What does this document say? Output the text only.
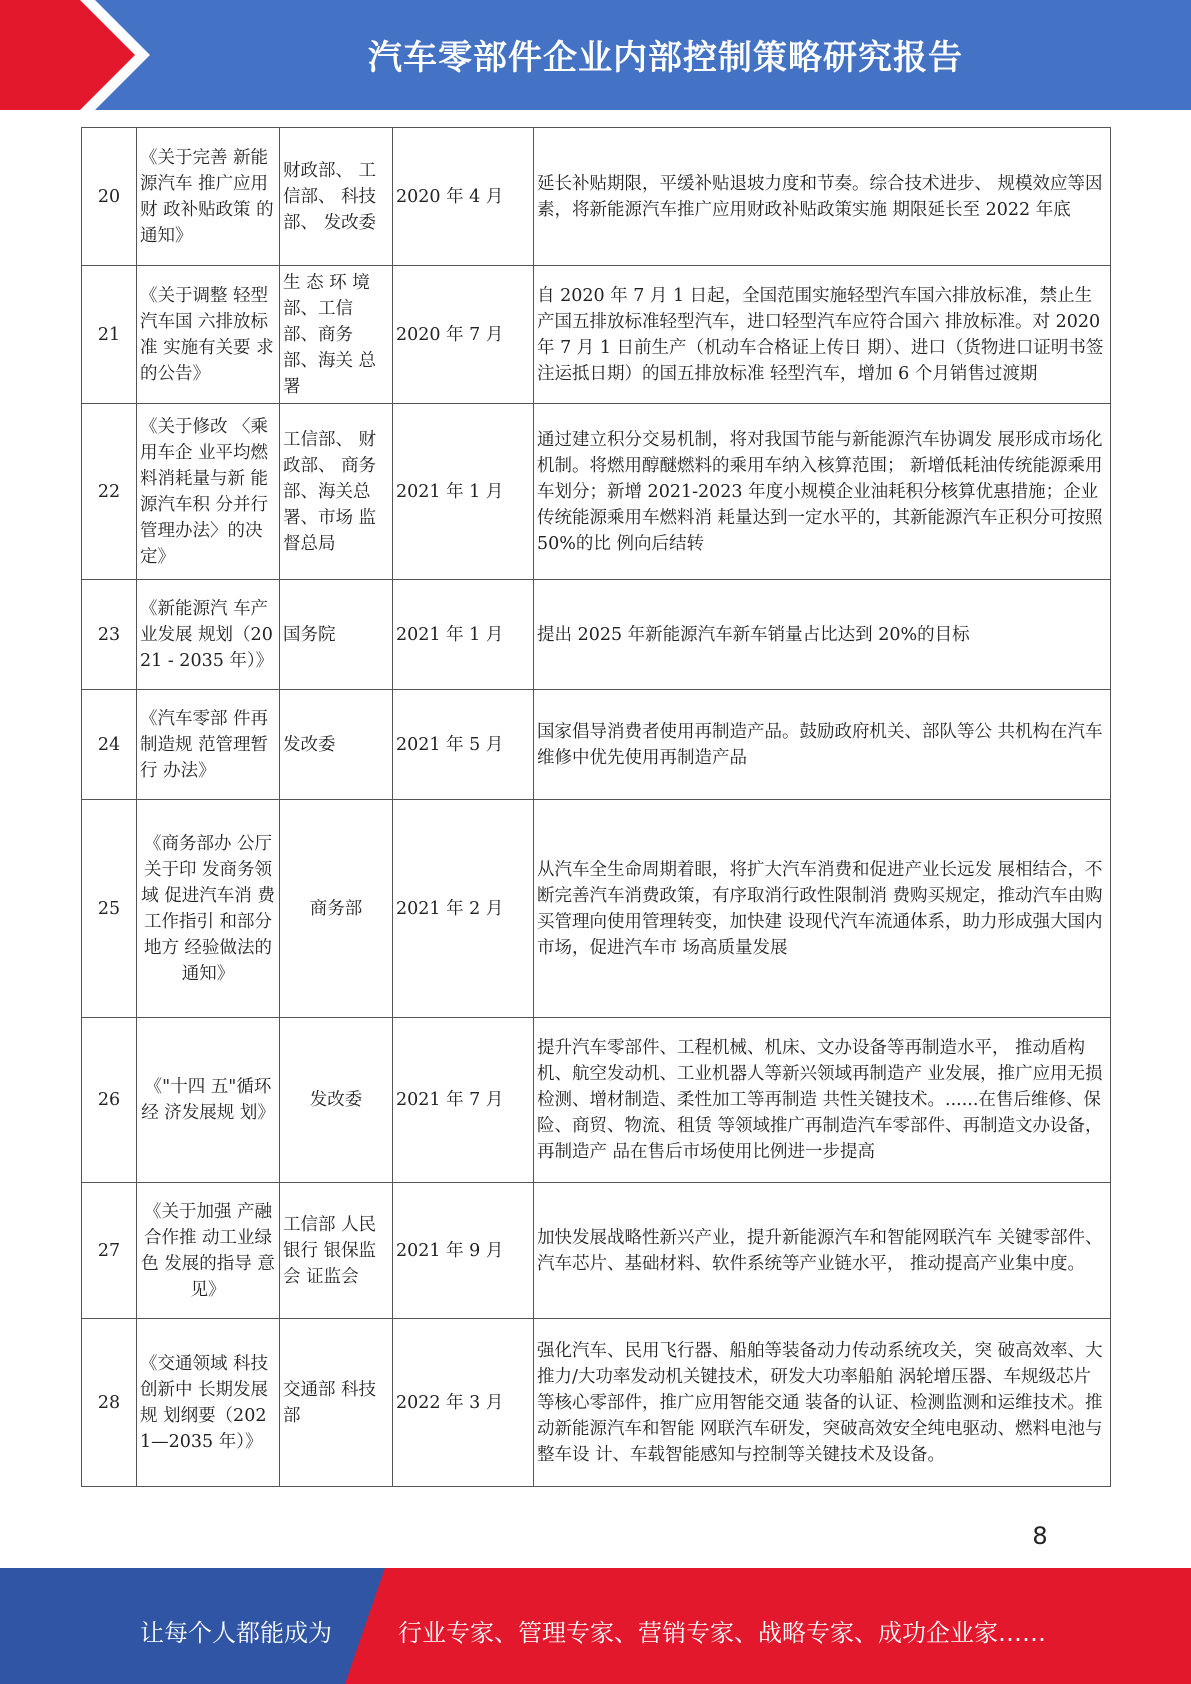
汽车零部件企业内部控制策略研究报告
20	《关于完善 新能源汽车 推广应用财 政补贴政策 的通知》	财政部、 工信部、 科技部、 发改委	2020 年 4 月	延长补贴期限，平缓补贴退坡力度和节奏。综合技术进步、 规模效应等因素，将新能源汽车推广应用财政补贴政策实施 期限延长至 2022 年底
21	《关于调整 轻型汽车国 六排放标准 实施有关要 求的公告》	生 态 环 境部、工信 部、商务 部、海关 总署	2020 年 7 月	自 2020 年 7 月 1 日起，全国范围实施轻型汽车国六排放标准，禁止生产国五排放标准轻型汽车，进口轻型汽车应符合国六 排放标准。对 2020 年 7 月 1 日前生产（机动车合格证上传日 期）、进口（货物进口证明书签注运抵日期）的国五排放标准 轻型汽车，增加 6 个月销售过渡期
22	《关于修改 〈乘用车企 业平均燃料消耗量与新 能源汽车积 分并行管理办法〉的决 定》	工信部、 财政部、 商务部、海关总署、市场 监督总局	2021 年 1 月	通过建立积分交易机制，将对我国节能与新能源汽车协调发 展形成市场化机制。将燃用醇醚燃料的乘用车纳入核算范围； 新增低耗油传统能源乘用车划分；新增 2021-2023 年度小规模企业油耗积分核算优惠措施；企业传统能源乘用车燃料消 耗量达到一定水平的，其新能源汽车正积分可按照 50%的比 例向后结转
23	《新能源汽 车产业发展 规划（2021 - 2035 年）》	国务院	2021 年 1 月	提出 2025 年新能源汽车新车销量占比达到 20%的目标
24	《汽车零部 件再制造规 范管理暂行 办法》	发改委	2021 年 5 月	国家倡导消费者使用再制造产品。鼓励政府机关、部队等公 共机构在汽车维修中优先使用再制造产品
25	《商务部办 公厅关于印 发商务领域 促进汽车消 费工作指引 和部分地方 经验做法的 通知》	商务部	2021 年 2 月	从汽车全生命周期着眼，将扩大汽车消费和促进产业长远发 展相结合，不断完善汽车消费政策，有序取消行政性限制消 费购买规定，推动汽车由购买管理向使用管理转变，加快建 设现代汽车流通体系，助力形成强大国内市场，促进汽车市 场高质量发展
26	《"十四 五"循环经 济发展规 划》	发改委	2021 年 7 月	提升汽车零部件、工程机械、机床、文办设备等再制造水平， 推动盾构机、航空发动机、工业机器人等新兴领域再制造产 业发展，推广应用无损检测、增材制造、柔性加工等再制造 共性关键技术。......在售后维修、保险、商贸、物流、租赁 等领域推广再制造汽车零部件、再制造文办设备，再制造产 品在售后市场使用比例进一步提高
27	《关于加强 产融合作推 动工业绿色 发展的指导 意见》	工信部 人民银行 银保监会 证监会	2021 年 9 月	加快发展战略性新兴产业，提升新能源汽车和智能网联汽车 关键零部件、汽车芯片、基础材料、软件系统等产业链水平， 推动提高产业集中度。
28	《交通领域 科技创新中 长期发展规 划纲要（2021—2035 年）》	交通部 科技部	2022 年 3 月	强化汽车、民用飞行器、船舶等装备动力传动系统攻关，突 破高效率、大推力/大功率发动机关键技术，研发大功率船舶 涡轮增压器、车规级芯片等核心零部件，推广应用智能交通 装备的认证、检测监测和运维技术。推动新能源汽车和智能 网联汽车研发，突破高效安全纯电驱动、燃料电池与整车设 计、车载智能感知与控制等关键技术及设备。
8
让每个人都能成为	行业专家、管理专家、营销专家、战略专家、成功企业家……
